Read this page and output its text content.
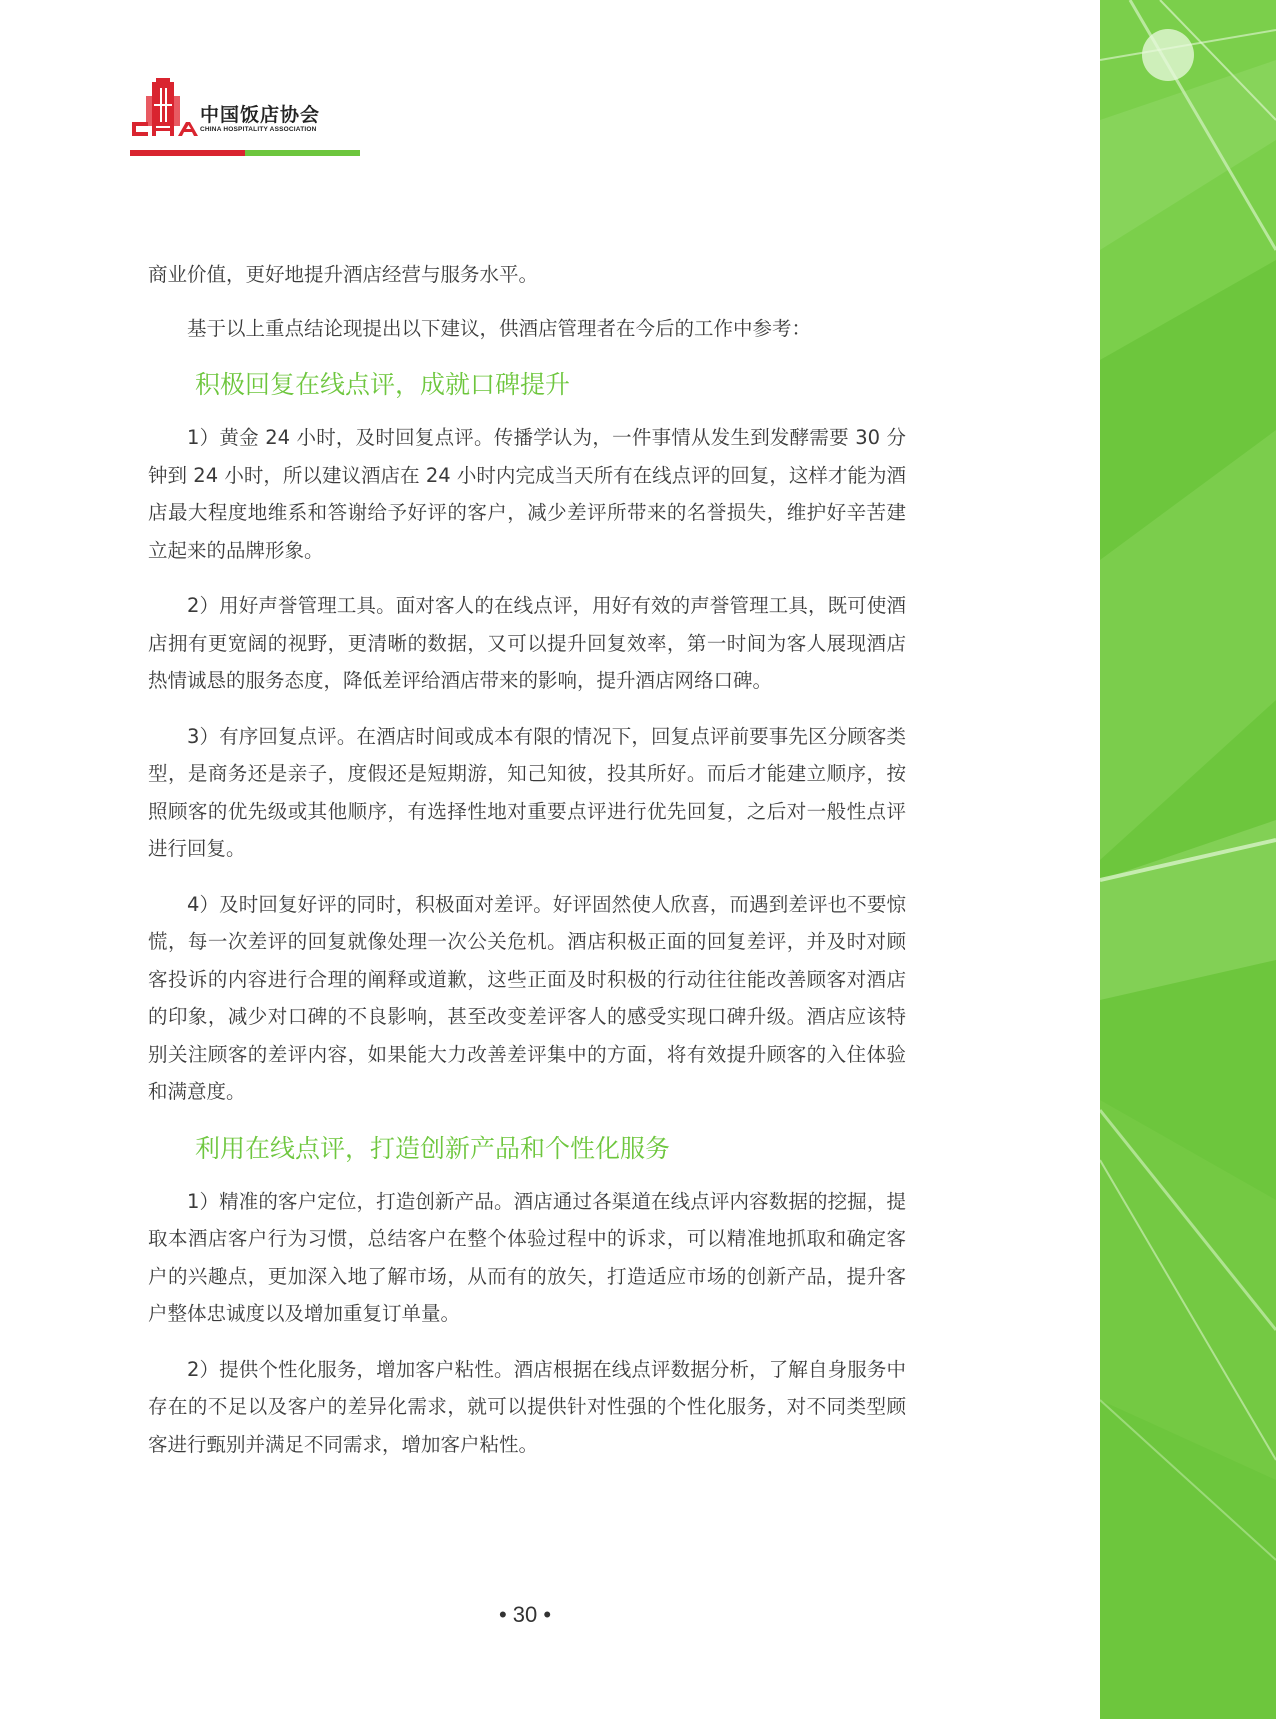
中国饭店协会
CHINA HOSPITALITY ASSOCIATION

商业价值，更好地提升酒店经营与服务水平。

基于以上重点结论现提出以下建议，供酒店管理者在今后的工作中参考：

积极回复在线点评，成就口碑提升

1）黄金 24 小时，及时回复点评。传播学认为，一件事情从发生到发酵需要 30 分钟到 24 小时，所以建议酒店在 24 小时内完成当天所有在线点评的回复，这样才能为酒店最大程度地维系和答谢给予好评的客户，减少差评所带来的名誉损失，维护好辛苦建立起来的品牌形象。

2）用好声誉管理工具。面对客人的在线点评，用好有效的声誉管理工具，既可使酒店拥有更宽阔的视野，更清晰的数据，又可以提升回复效率，第一时间为客人展现酒店热情诚恳的服务态度，降低差评给酒店带来的影响，提升酒店网络口碑。

3）有序回复点评。在酒店时间或成本有限的情况下，回复点评前要事先区分顾客类型，是商务还是亲子，度假还是短期游，知己知彼，投其所好。而后才能建立顺序，按照顾客的优先级或其他顺序，有选择性地对重要点评进行优先回复，之后对一般性点评进行回复。

4）及时回复好评的同时，积极面对差评。好评固然使人欣喜，而遇到差评也不要惊慌，每一次差评的回复就像处理一次公关危机。酒店积极正面的回复差评，并及时对顾客投诉的内容进行合理的阐释或道歉，这些正面及时积极的行动往往能改善顾客对酒店的印象，减少对口碑的不良影响，甚至改变差评客人的感受实现口碑升级。酒店应该特别关注顾客的差评内容，如果能大力改善差评集中的方面，将有效提升顾客的入住体验和满意度。

利用在线点评，打造创新产品和个性化服务

1）精准的客户定位，打造创新产品。酒店通过各渠道在线点评内容数据的挖掘，提取本酒店客户行为习惯，总结客户在整个体验过程中的诉求，可以精准地抓取和确定客户的兴趣点，更加深入地了解市场，从而有的放矢，打造适应市场的创新产品，提升客户整体忠诚度以及增加重复订单量。

2）提供个性化服务，增加客户粘性。酒店根据在线点评数据分析，了解自身服务中存在的不足以及客户的差异化需求，就可以提供针对性强的个性化服务，对不同类型顾客进行甄别并满足不同需求，增加客户粘性。

• 30 •
